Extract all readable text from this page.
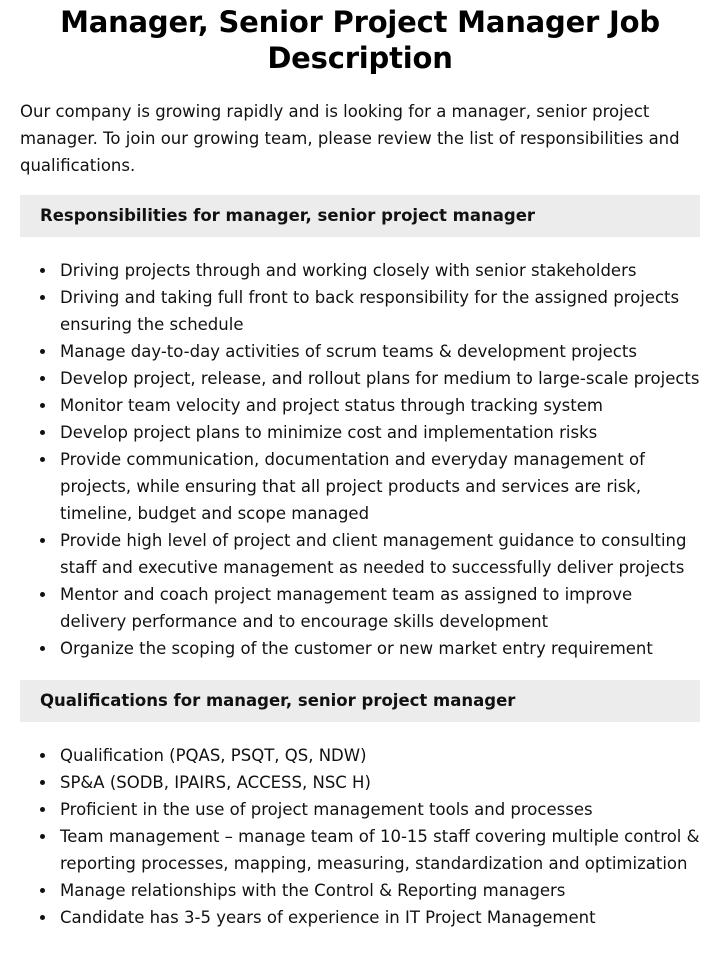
Manager, Senior Project Manager Job Description

Our company is growing rapidly and is looking for a manager, senior project manager. To join our growing team, please review the list of responsibilities and qualifications.

Responsibilities for manager, senior project manager
Driving projects through and working closely with senior stakeholders
Driving and taking full front to back responsibility for the assigned projects ensuring the schedule
Manage day-to-day activities of scrum teams & development projects
Develop project, release, and rollout plans for medium to large-scale projects
Monitor team velocity and project status through tracking system
Develop project plans to minimize cost and implementation risks
Provide communication, documentation and everyday management of projects, while ensuring that all project products and services are risk, timeline, budget and scope managed
Provide high level of project and client management guidance to consulting staff and executive management as needed to successfully deliver projects
Mentor and coach project management team as assigned to improve delivery performance and to encourage skills development
Organize the scoping of the customer or new market entry requirement
Qualifications for manager, senior project manager
Qualification (PQAS, PSQT, QS, NDW)
SP&A (SODB, IPAIRS, ACCESS, NSC H)
Proficient in the use of project management tools and processes
Team management – manage team of 10-15 staff covering multiple control & reporting processes, mapping, measuring, standardization and optimization
Manage relationships with the Control & Reporting managers
Candidate has 3-5 years of experience in IT Project Management
